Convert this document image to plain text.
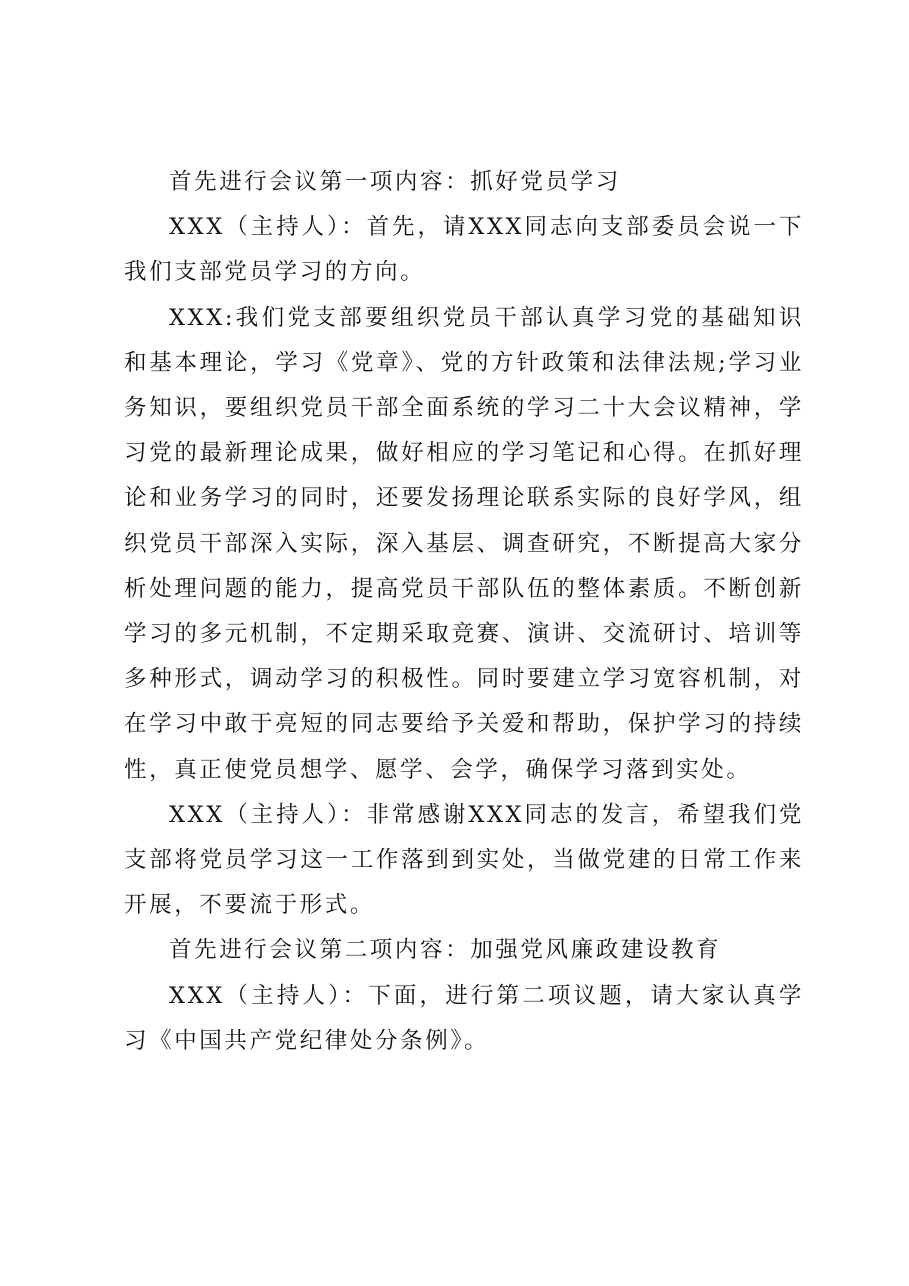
首先进行会议第一项内容：抓好党员学习

XXX（主持人）：首先，请XXX同志向支部委员会说一下我们支部党员学习的方向。

XXX:我们党支部要组织党员干部认真学习党的基础知识和基本理论，学习《党章》、党的方针政策和法律法规;学习业务知识，要组织党员干部全面系统的学习二十大会议精神，学习党的最新理论成果，做好相应的学习笔记和心得。在抓好理论和业务学习的同时，还要发扬理论联系实际的良好学风，组织党员干部深入实际，深入基层、调查研究，不断提高大家分析处理问题的能力，提高党员干部队伍的整体素质。不断创新学习的多元机制，不定期采取竞赛、演讲、交流研讨、培训等多种形式，调动学习的积极性。同时要建立学习宽容机制，对在学习中敢于亮短的同志要给予关爱和帮助，保护学习的持续性，真正使党员想学、愿学、会学，确保学习落到实处。

XXX（主持人）：非常感谢XXX同志的发言，希望我们党支部将党员学习这一工作落到到实处，当做党建的日常工作来开展，不要流于形式。

首先进行会议第二项内容：加强党风廉政建设教育

XXX（主持人）：下面，进行第二项议题，请大家认真学习《中国共产党纪律处分条例》。
